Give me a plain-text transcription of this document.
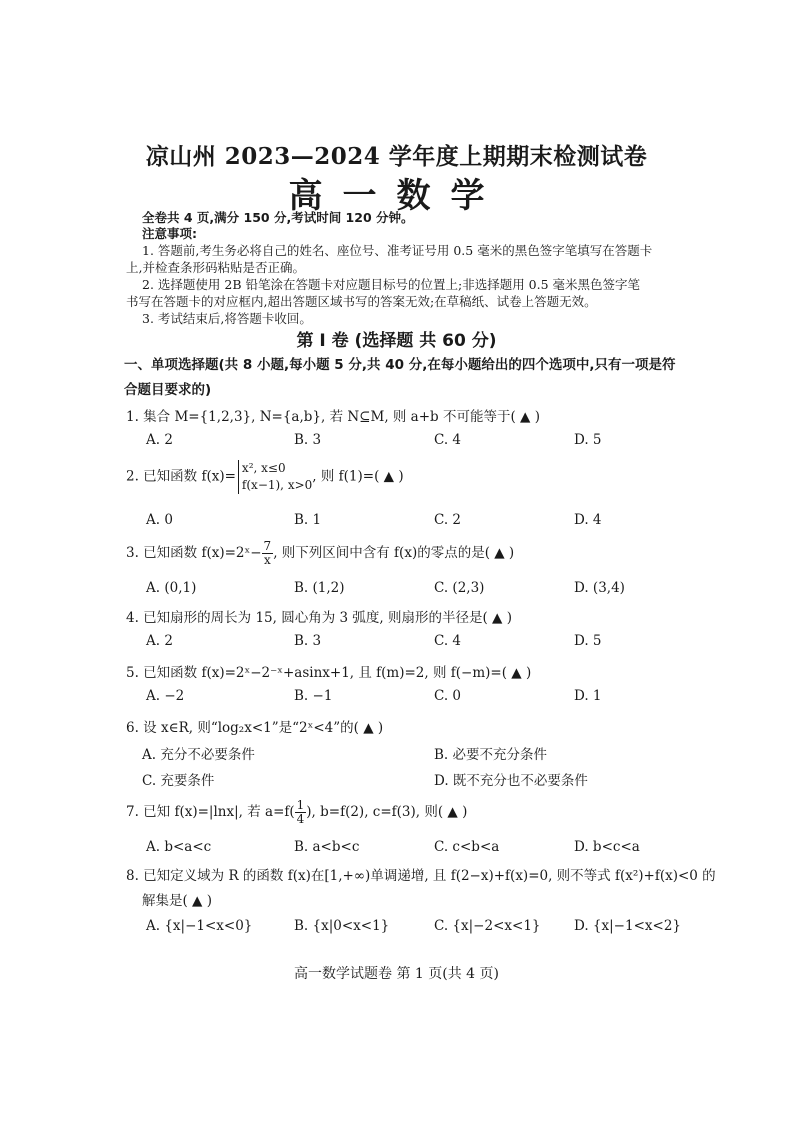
凉山州 2023—2024 学年度上期期末检测试卷
高一数学
全卷共 4 页,满分 150 分,考试时间 120 分钟。
注意事项:
1. 答题前,考生务必将自己的姓名、座位号、准考证号用 0.5 毫米的黑色签字笔填写在答题卡
上,并检查条形码粘贴是否正确。
2. 选择题使用 2B 铅笔涂在答题卡对应题目标号的位置上;非选择题用 0.5 毫米黑色签字笔
书写在答题卡的对应框内,超出答题区域书写的答案无效;在草稿纸、试卷上答题无效。
3. 考试结束后,将答题卡收回。
第 Ⅰ 卷 (选择题 共 60 分)
一、单项选择题(共 8 小题,每小题 5 分,共 40 分,在每小题给出的四个选项中,只有一项是符
合题目要求的)
1. 集合 M={1,2,3}, N={a,b}, 若 N⊆M, 则 a+b 不可能等于( ▲ )
A. 2	B. 3	C. 4	D. 5
2. 已知函数 f(x)=
x², x≤0
f(x−1), x>0
, 则 f(1)=( ▲ )
A. 0	B. 1	C. 2	D. 4
3. 已知函数 f(x)=2ˣ− $\frac{7}{x}$ , 则下列区间中含有 f(x)的零点的是( ▲ )
A. (0,1)	B. (1,2)	C. (2,3)	D. (3,4)
4. 已知扇形的周长为 15, 圆心角为 3 弧度, 则扇形的半径是( ▲ )
A. 2	B. 3	C. 4	D. 5
5. 已知函数 f(x)=2ˣ−2⁻ˣ+asinx+1, 且 f(m)=2, 则 f(−m)=( ▲ )
A. −2	B. −1	C. 0	D. 1
6. 设 x∈R, 则“log₂x<1”是“2ˣ<4”的( ▲ )
A. 充分不必要条件	B. 必要不充分条件
C. 充要条件	D. 既不充分也不必要条件
7. 已知 f(x)=|lnx|, 若 $a=f( \frac{1}{4}$ ), b=f(2), c=f(3), 则( ▲ )
A. b<a<c	B. a<b<c	C. c<b<a	D. b<c<a
8. 已知定义域为 R 的函数 f(x)在[1,+∞)单调递增, 且 f(2−x)+f(x)=0, 则不等式 f(x²)+f(x)<0 的
解集是( ▲ )
A. {x|−1<x<0}	B. {x|0<x<1}	C. {x|−2<x<1} D. {x|−1<x<2}
高一数学试题卷 第 1 页(共 4 页)
